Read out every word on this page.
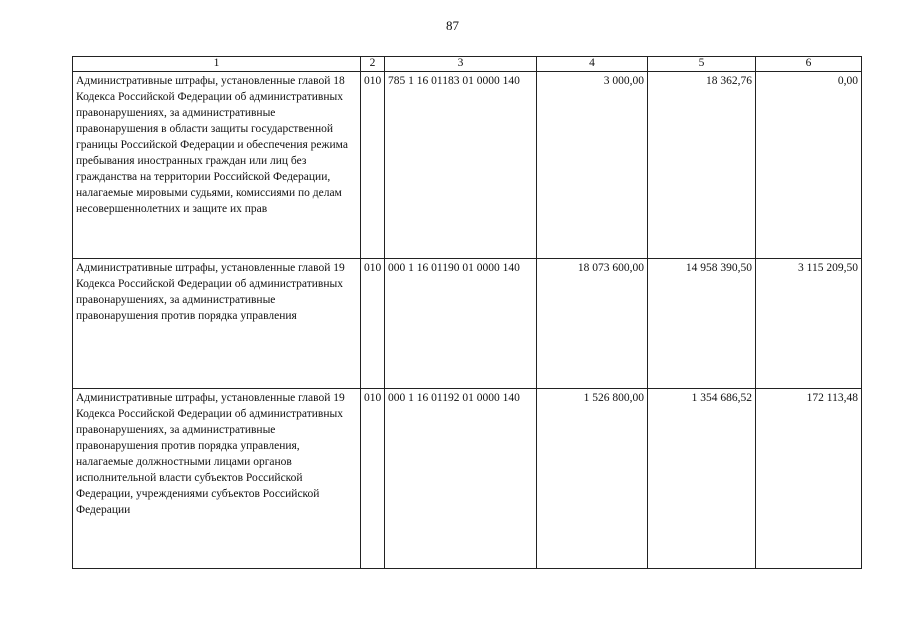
87
1	2	3	4	5	6
Административные штрафы, установленные главой 18 Кодекса Российской Федерации об административных правонарушениях, за административные правонарушения в области защиты государственной границы Российской Федерации и обеспечения режима пребывания иностранных граждан или лиц без гражданства на территории Российской Федерации, налагаемые мировыми судьями, комиссиями по делам несовершеннолетних и защите их прав	010	785 1 16 01183 01 0000 140	3 000,00	18 362,76	0,00
Административные штрафы, установленные главой 19 Кодекса Российской Федерации об административных правонарушениях, за административные правонарушения против порядка управления	010	000 1 16 01190 01 0000 140	18 073 600,00	14 958 390,50	3 115 209,50
Административные штрафы, установленные главой 19 Кодекса Российской Федерации об административных правонарушениях, за административные правонарушения против порядка управления, налагаемые должностными лицами органов исполнительной власти субъектов Российской Федерации, учреждениями субъектов Российской Федерации	010	000 1 16 01192 01 0000 140	1 526 800,00	1 354 686,52	172 113,48
